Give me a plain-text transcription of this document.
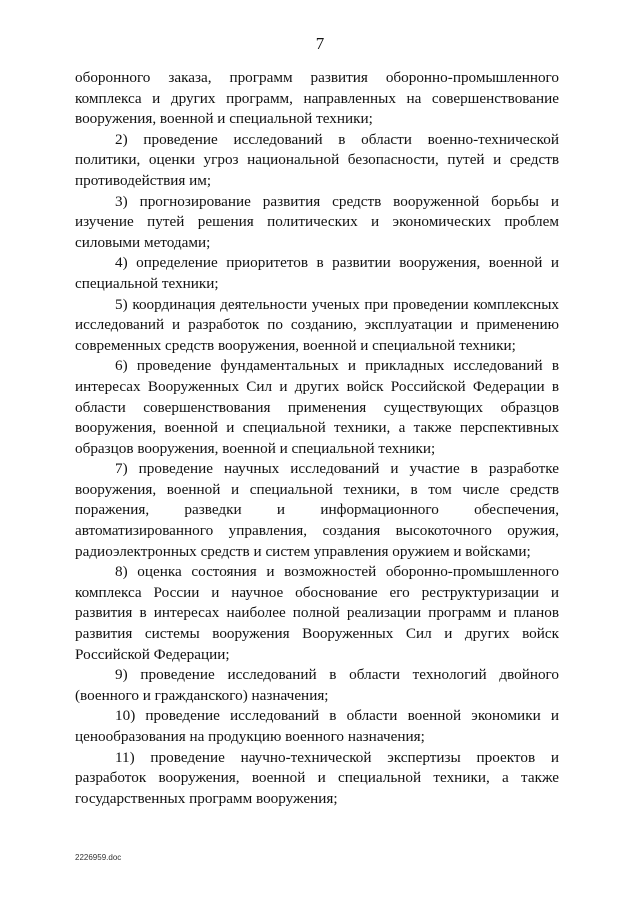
7

оборонного заказа, программ развития оборонно-промышленного комплекса и других программ, направленных на совершенствование вооружения, военной и специальной техники;

2) проведение исследований в области военно-технической политики, оценки угроз национальной безопасности, путей и средств противодействия им;

3) прогнозирование развития средств вооруженной борьбы и изучение путей решения политических и экономических проблем силовыми методами;

4) определение приоритетов в развитии вооружения, военной и специальной техники;

5) координация деятельности ученых при проведении комплексных исследований и разработок по созданию, эксплуатации и применению современных средств вооружения, военной и специальной техники;

6) проведение фундаментальных и прикладных исследований в интересах Вооруженных Сил и других войск Российской Федерации в области совершенствования применения существующих образцов вооружения, военной и специальной техники, а также перспективных образцов вооружения, военной и специальной техники;

7) проведение научных исследований и участие в разработке вооружения, военной и специальной техники, в том числе средств поражения, разведки и информационного обеспечения, автоматизированного управления, создания высокоточного оружия, радиоэлектронных средств и систем управления оружием и войсками;

8) оценка состояния и возможностей оборонно-промышленного комплекса России и научное обоснование его реструктуризации и развития в интересах наиболее полной реализации программ и планов развития системы вооружения Вооруженных Сил и других войск Российской Федерации;

9) проведение исследований в области технологий двойного (военного и гражданского) назначения;

10) проведение исследований в области военной экономики и ценообразования на продукцию военного назначения;

11) проведение научно-технической экспертизы проектов и разработок вооружения, военной и специальной техники, а также государственных программ вооружения;

2226959.doc
